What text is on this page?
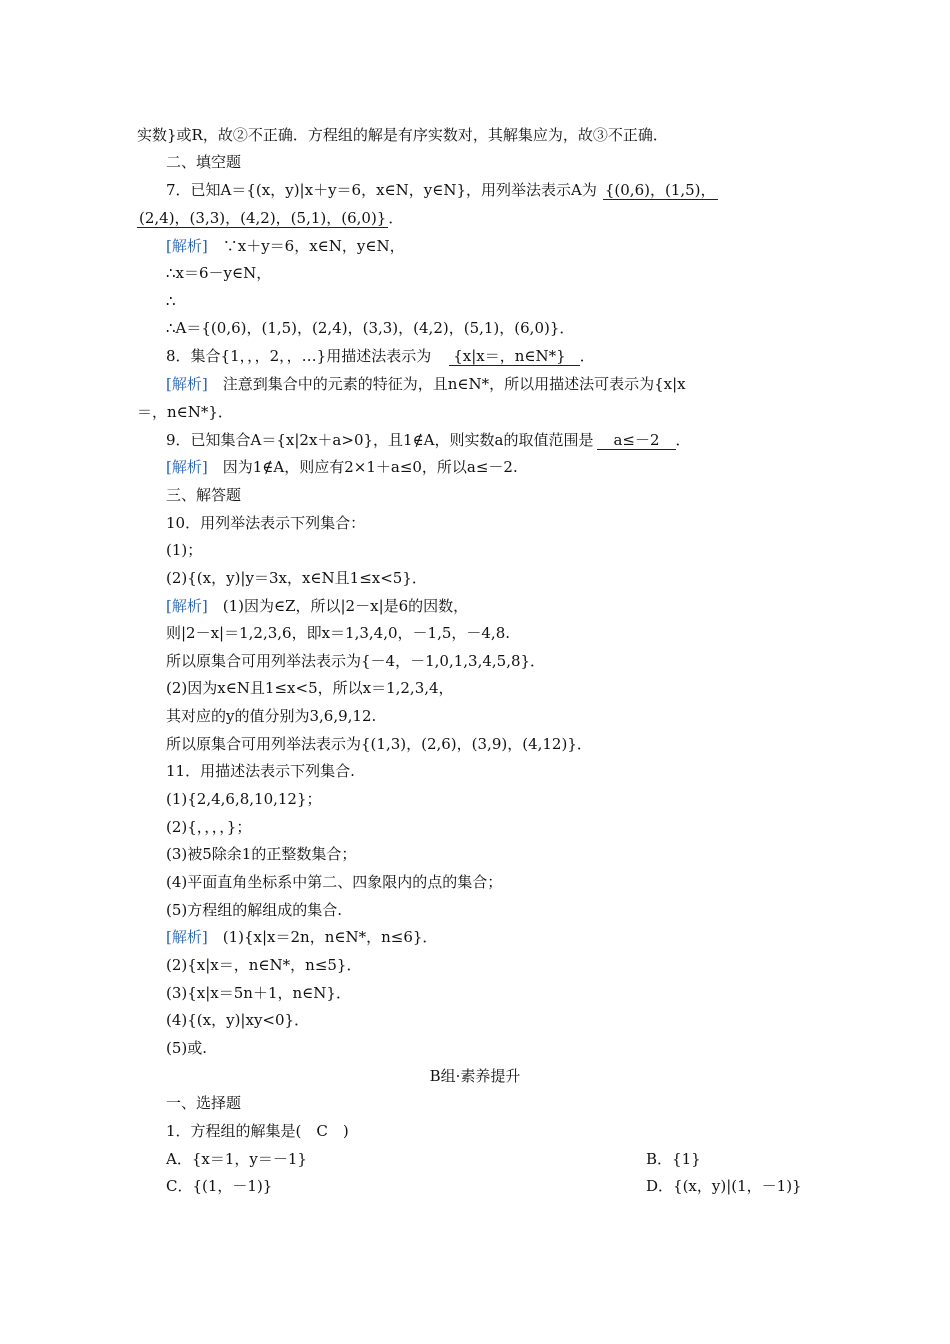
实数}或R，故②不正确．方程组的解是有序实数对，其解集应为，故③不正确．
二、填空题
7．已知A＝{(x，y)|x＋y＝6，x∈N，y∈N}，用列举法表示A为 {(0,6)，(1,5)，
(2,4)，(3,3)，(4,2)，(5,1)，(6,0)} ．
[解析]　 ∵x＋y＝6，x∈N，y∈N，
∴x＝6－y∈N，
∴
∴A＝{(0,6)，(1,5)，(2,4)，(3,3)，(4,2)，(5,1)，(6,0)}．
8．集合{1，，，2，，…}用描述法表示为 {x|x＝，n∈N*} ．
[解析]　 注意到集合中的元素的特征为，且n∈N*，所以用描述法可表示为{x|x
＝，n∈N*}．
9．已知集合A＝{x|2x＋a>0}，且1∉A，则实数a的取值范围是 a≤－2 ．
[解析]　 因为1∉A，则应有2×1＋a≤0，所以a≤－2.
三、解答题
10．用列举法表示下列集合：
(1)；
(2){(x，y)|y＝3x，x∈N且1≤x<5}．
[解析]　 (1)因为∈Z，所以|2－x|是6的因数，
则|2－x|＝1,2,3,6，即x＝1,3,4,0，－1,5，－4,8.
所以原集合可用列举法表示为{－4，－1,0,1,3,4,5,8}．
(2)因为x∈N且1≤x<5，所以x＝1,2,3,4，
其对应的y的值分别为3,6,9,12.
所以原集合可用列举法表示为{(1,3)，(2,6)，(3,9)，(4,12)}．
11．用描述法表示下列集合.
(1){2,4,6,8,10,12}；
(2){，，，，}；
(3)被5除余1的正整数集合；
(4)平面直角坐标系中第二、四象限内的点的集合；
(5)方程组的解组成的集合.
[解析]　 (1){x|x＝2n，n∈N*，n≤6}．
(2){x|x＝，n∈N*，n≤5}．
(3){x|x＝5n＋1，n∈N}．
(4){(x，y)|xy<0}．
(5)或.
B组·素养提升
一、选择题
1．方程组的解集是(　C　)
A．{x＝1，y＝－1}	B．{1}
C．{(1，－1)}	D．{(x，y)|(1，－1)}
